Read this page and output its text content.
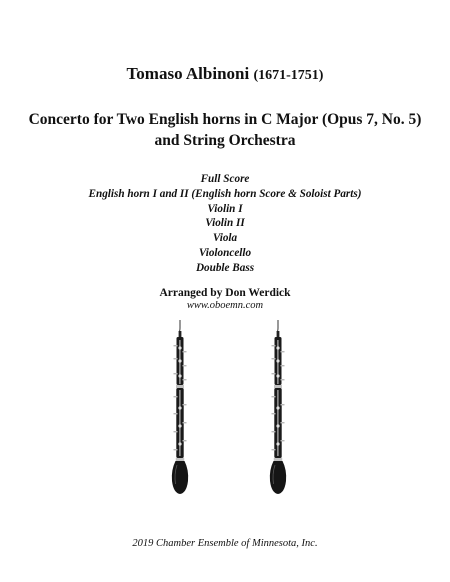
Tomaso Albinoni (1671-1751)
Concerto for Two English horns in C Major (Opus 7, No. 5)
and String Orchestra
Full Score
English horn I and II (English horn Score & Soloist Parts)
Violin I
Violin II
Viola
Violoncello
Double Bass
Arranged by Don Werdick
www.oboemn.com
2019 Chamber Ensemble of Minnesota, Inc.
